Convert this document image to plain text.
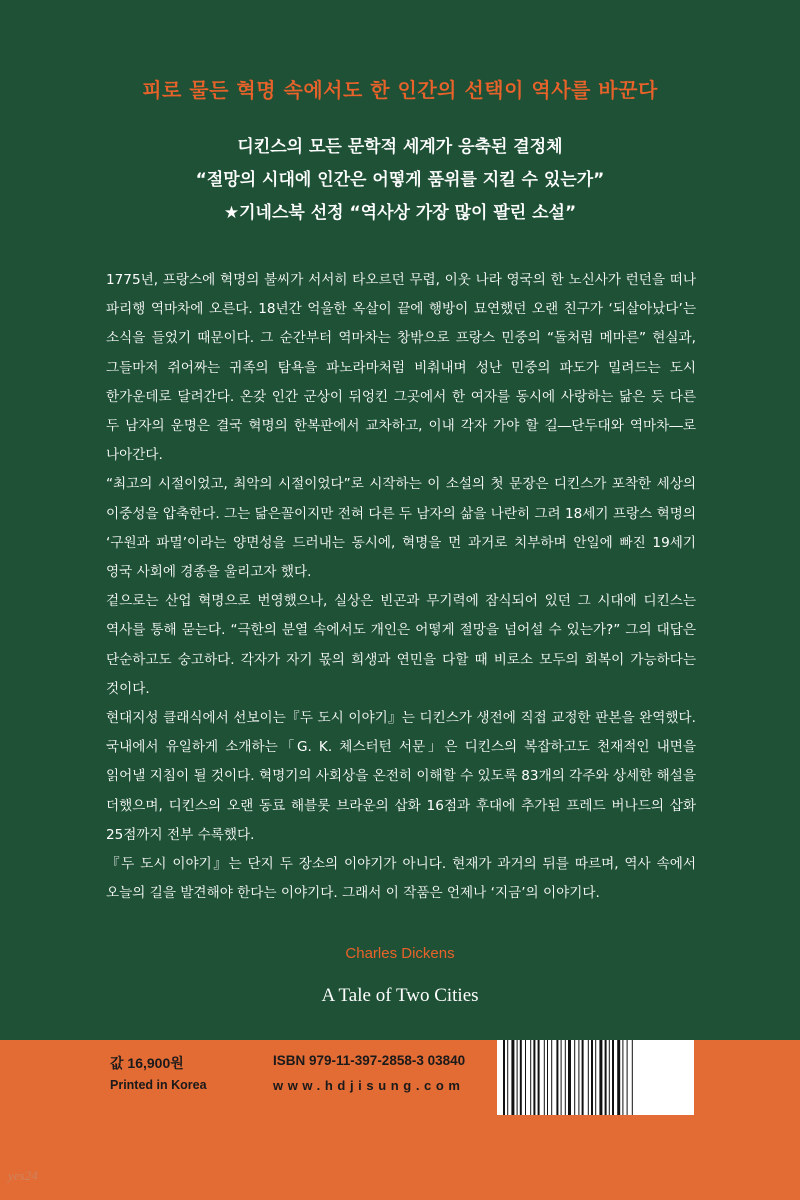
피로 물든 혁명 속에서도 한 인간의 선택이 역사를 바꾼다
디킨스의 모든 문학적 세계가 응축된 결정체
“절망의 시대에 인간은 어떻게 품위를 지킬 수 있는가”
★기네스북 선정 “역사상 가장 많이 팔린 소설”

1775년, 프랑스에 혁명의 불씨가 서서히 타오르던 무렵, 이웃 나라 영국의 한 노신사가 런던을 떠나 파리행 역마차에 오른다. 18년간 억울한 옥살이 끝에 행방이 묘연했던 오랜 친구가 ‘되살아났다’는 소식을 들었기 때문이다. 그 순간부터 역마차는 창밖으로 프랑스 민중의 “돌처럼 메마른” 현실과, 그들마저 쥐어짜는 귀족의 탐욕을 파노라마처럼 비춰내며 성난 민중의 파도가 밀려드는 도시 한가운데로 달려간다. 온갖 인간 군상이 뒤엉킨 그곳에서 한 여자를 동시에 사랑하는 닮은 듯 다른 두 남자의 운명은 결국 혁명의 한복판에서 교차하고, 이내 각자 가야 할 길―단두대와 역마차―로 나아간다.

“최고의 시절이었고, 최악의 시절이었다”로 시작하는 이 소설의 첫 문장은 디킨스가 포착한 세상의 이중성을 압축한다. 그는 닮은꼴이지만 전혀 다른 두 남자의 삶을 나란히 그려 18세기 프랑스 혁명의 ‘구원과 파멸’이라는 양면성을 드러내는 동시에, 혁명을 먼 과거로 치부하며 안일에 빠진 19세기 영국 사회에 경종을 울리고자 했다.

겉으로는 산업 혁명으로 번영했으나, 실상은 빈곤과 무기력에 잠식되어 있던 그 시대에 디킨스는 역사를 통해 묻는다. “극한의 분열 속에서도 개인은 어떻게 절망을 넘어설 수 있는가?” 그의 대답은 단순하고도 숭고하다. 각자가 자기 몫의 희생과 연민을 다할 때 비로소 모두의 회복이 가능하다는 것이다.

현대지성 클래식에서 선보이는『두 도시 이야기』는 디킨스가 생전에 직접 교정한 판본을 완역했다. 국내에서 유일하게 소개하는「G. K. 체스터턴 서문」은 디킨스의 복잡하고도 천재적인 내면을 읽어낼 지침이 될 것이다. 혁명기의 사회상을 온전히 이해할 수 있도록 83개의 각주와 상세한 해설을 더했으며, 디킨스의 오랜 동료 해블롯 브라운의 삽화 16점과 후대에 추가된 프레드 버나드의 삽화 25점까지 전부 수록했다.

『두 도시 이야기』는 단지 두 장소의 이야기가 아니다. 현재가 과거의 뒤를 따르며, 역사 속에서 오늘의 길을 발견해야 한다는 이야기다. 그래서 이 작품은 언제나 ‘지금’의 이야기다.

Charles Dickens
A Tale of Two Cities
값 16,900원
Printed in Korea
ISBN 979-11-397-2858-3 03840
www.hdjisung.com
yes24
